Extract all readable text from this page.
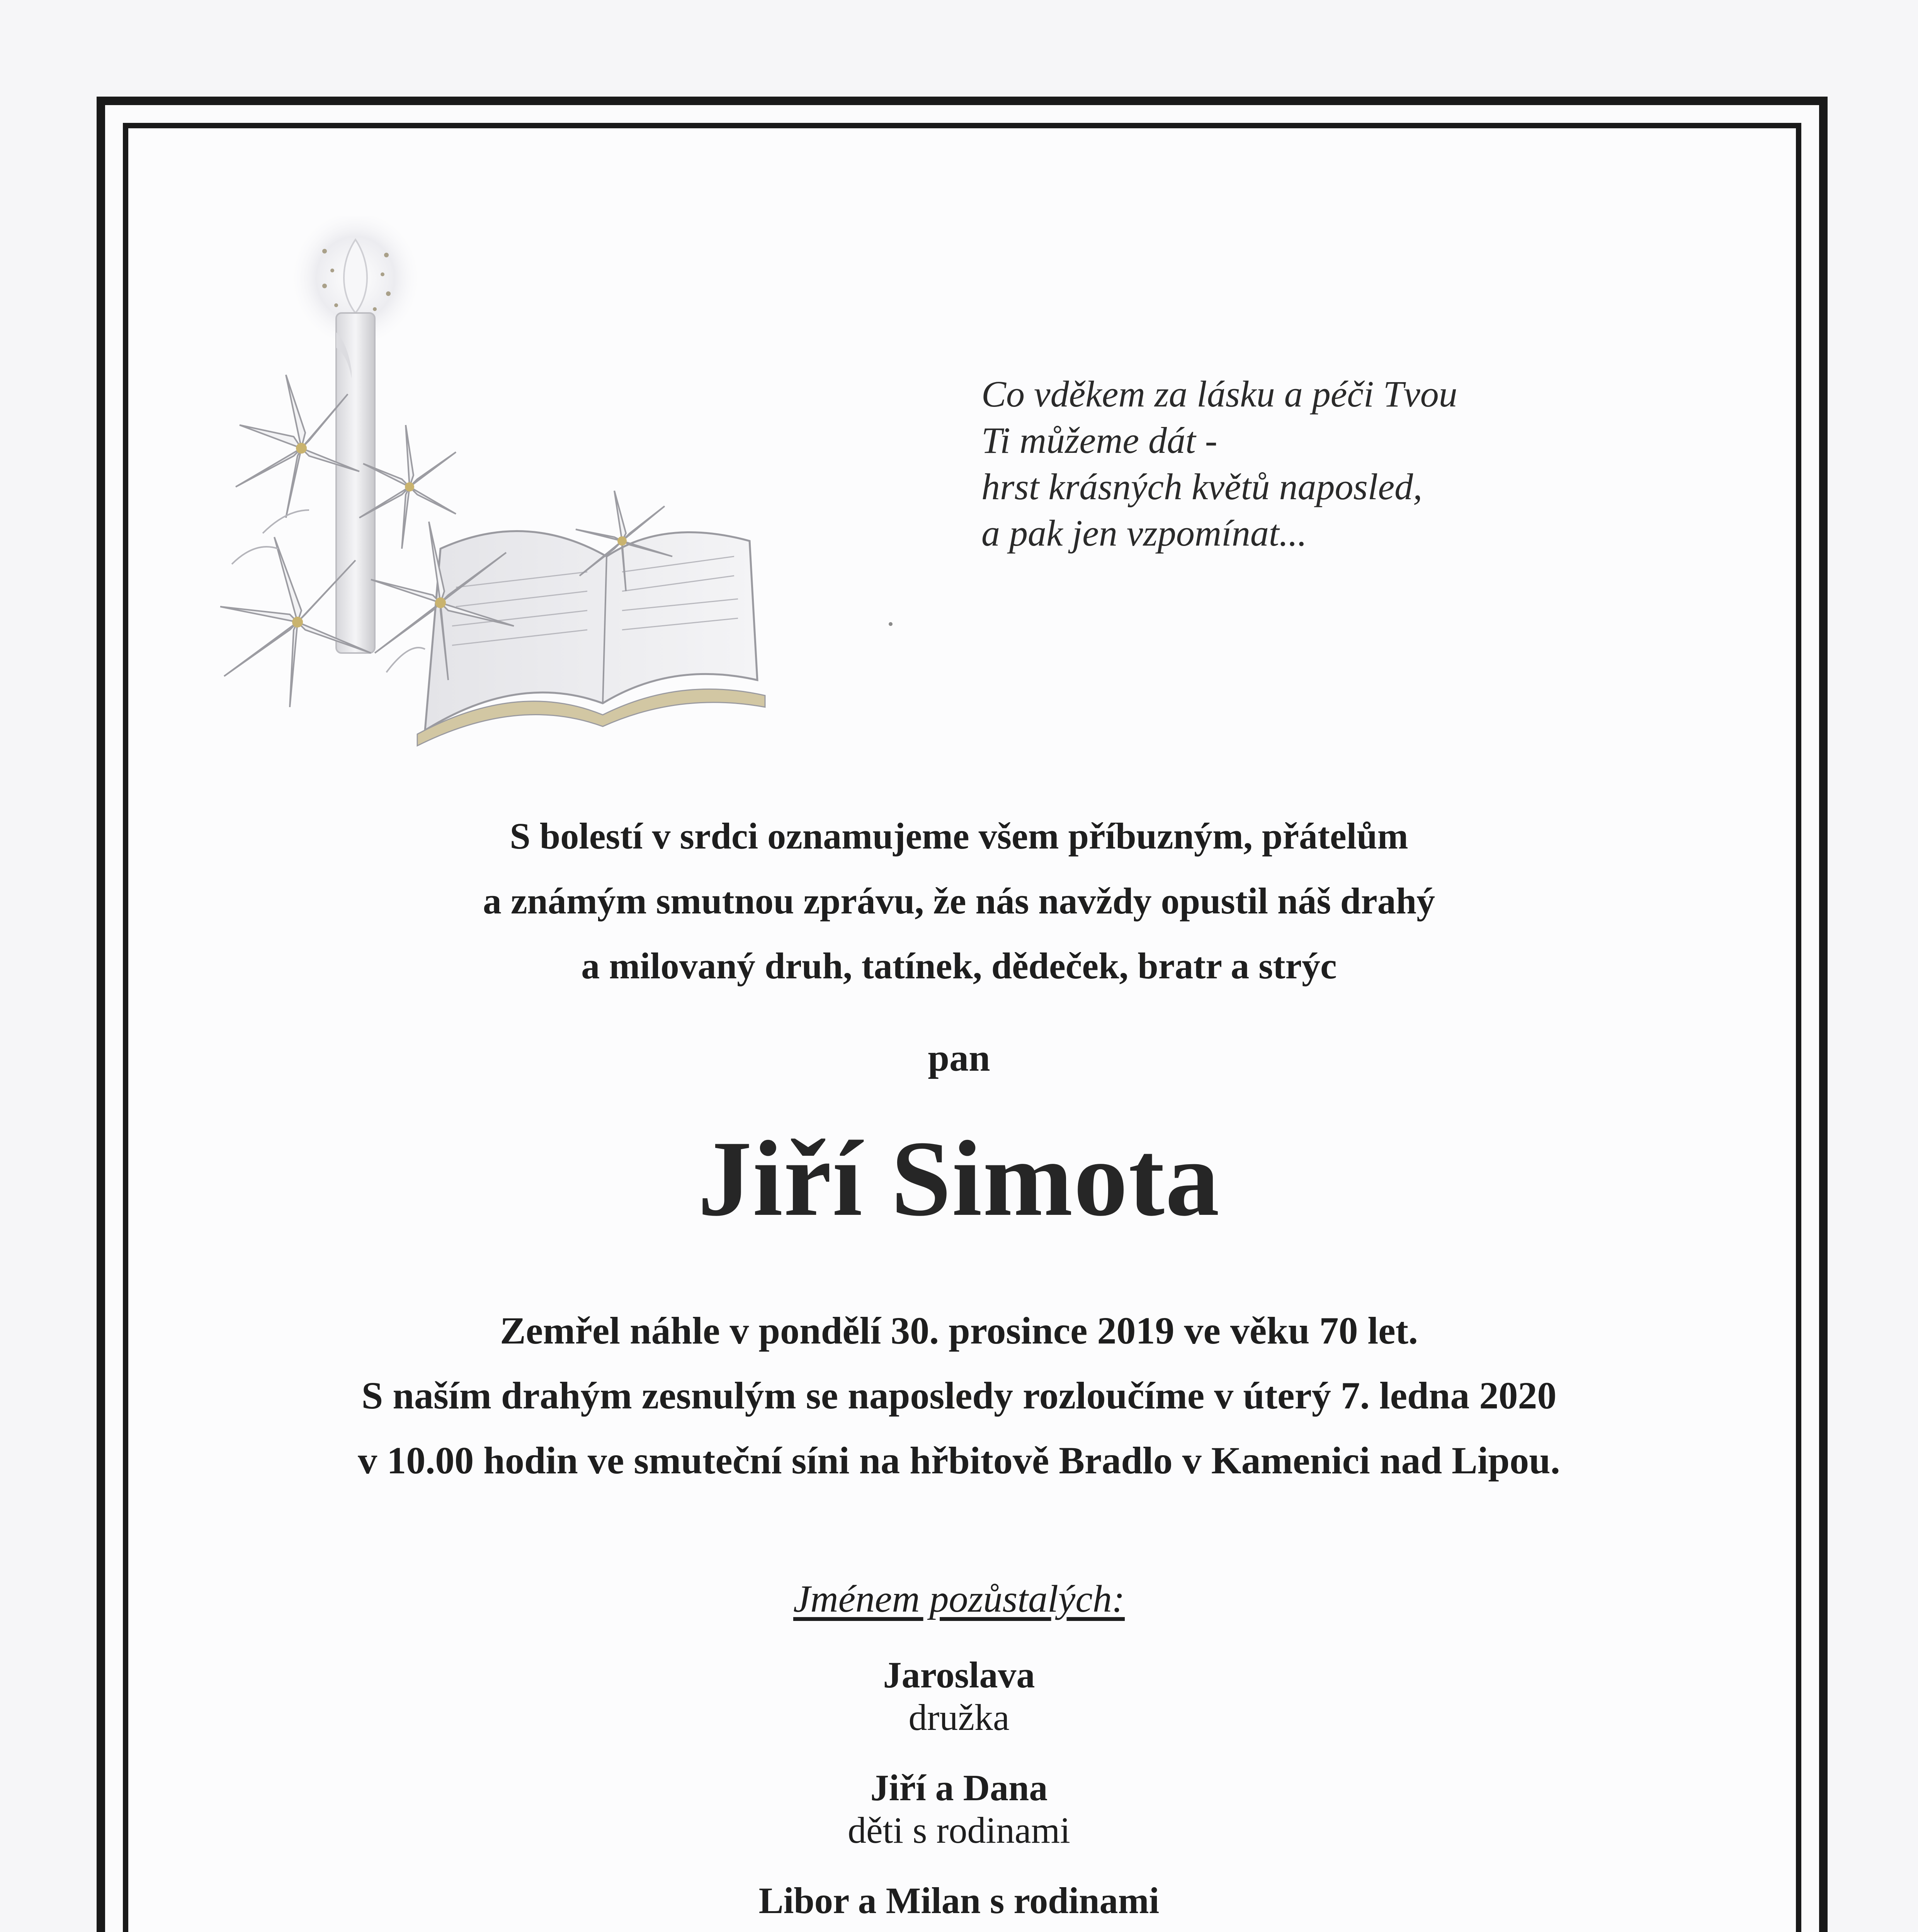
Co vděkem za lásku a péči Tvou
Ti můžeme dát -
hrst krásných květů naposled,
a pak jen vzpomínat...
S bolestí v srdci oznamujeme všem příbuzným, přátelům
a známým smutnou zprávu, že nás navždy opustil náš drahý
a milovaný druh, tatínek, dědeček, bratr a strýc
pan
Jiří Simota
Zemřel náhle v pondělí 30. prosince 2019 ve věku 70 let.
S naším drahým zesnulým se naposledy rozloučíme v úterý 7. ledna 2020
v 10.00 hodin ve smuteční síni na hřbitově Bradlo v Kamenici nad Lipou.
Jménem pozůstalých:
Jaroslava
družka
Jiří a Dana
děti s rodinami
Libor a Milan s rodinami
